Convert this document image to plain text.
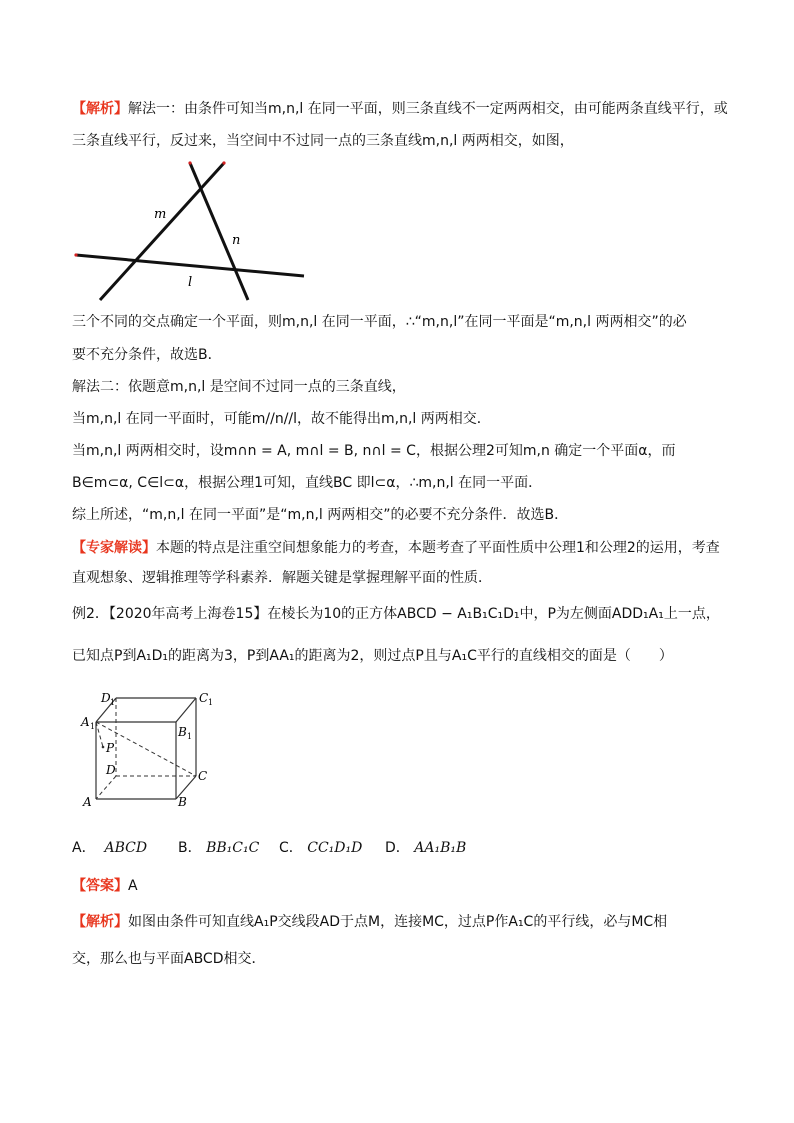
【解析】解法一：由条件可知当m,n,l 在同一平面，则三条直线不一定两两相交，由可能两条直线平行，或
三条直线平行，反过来，当空间中不过同一点的三条直线m,n,l 两两相交，如图，
m
n
l
三个不同的交点确定一个平面，则m,n,l 在同一平面，∴“m,n,l”在同一平面是“m,n,l 两两相交”的必
要不充分条件，故选B．
解法二：依题意m,n,l 是空间不过同一点的三条直线，
当m,n,l 在同一平面时，可能m//n//l，故不能得出m,n,l 两两相交．
当m,n,l 两两相交时，设m∩n = A, m∩l = B, n∩l = C，根据公理2可知m,n 确定一个平面α，而
B∈m⊂α, C∈l⊂α，根据公理1可知，直线BC 即l⊂α，∴m,n,l 在同一平面．
综上所述，“m,n,l 在同一平面”是“m,n,l 两两相交”的必要不充分条件．故选B．
【专家解读】本题的特点是注重空间想象能力的考查，本题考查了平面性质中公理1和公理2的运用，考查
直观想象、逻辑推理等学科素养．解题关键是掌握理解平面的性质．
例2．【2020年高考上海卷15】在棱长为10的正方体ABCD − A₁B₁C₁D₁中，P为左侧面ADD₁A₁上一点，
已知点P到A₁D₁的距离为3，P到AA₁的距离为2，则过点P且与A₁C平行的直线相交的面是（　　）
A	B
C
D
A 1	B 1
C 1
D 1
P
A． ABCD B． BB₁C₁C C． CC₁D₁D D． AA₁B₁B
【答案】A
【解析】如图由条件可知直线A₁P交线段AD于点M，连接MC，过点P作A₁C的平行线，必与MC相
交，那么也与平面ABCD相交．
